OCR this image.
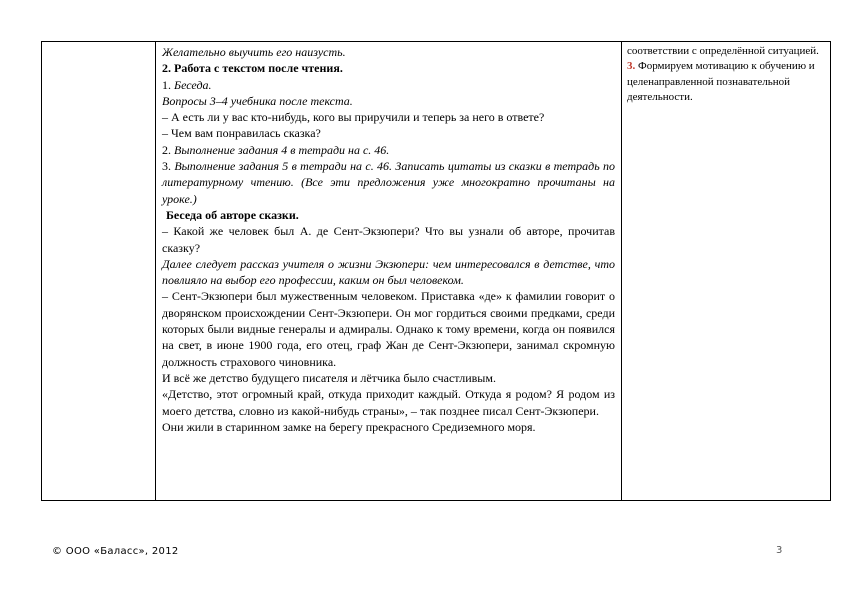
Желательно выучить его наизусть.

2. Работа с текстом после чтения.

1. Беседа.

Вопросы 3–4 учебника после текста.

– А есть ли у вас кто-нибудь, кого вы приручили и теперь за него в ответе?

– Чем вам понравилась сказка?

2. Выполнение задания 4 в тетради на с. 46.

3. Выполнение задания 5 в тетради на с. 46. Записать цитаты из сказки в тетрадь по литературному чтению. (Все эти предложения уже многократно прочитаны на уроке.)

Беседа об авторе сказки.

– Какой же человек был А. де Сент-Экзюпери? Что вы узнали об авторе, прочитав сказку?

Далее следует рассказ учителя о жизни Экзюпери: чем интересовался в детстве, что повлияло на выбор его профессии, каким он был человеком.

– Сент-Экзюпери был мужественным человеком. Приставка «де» к фамилии говорит о дворянском происхождении Сент-Экзюпери. Он мог гордиться своими предками, среди которых были видные генералы и адмиралы. Однако к тому времени, когда он появился на свет, в июне 1900 года, его отец, граф Жан де Сент-Экзюпери, занимал скромную должность страхового чиновника.

И всё же детство будущего писателя и лётчика было счастливым.

«Детство, этот огромный край, откуда приходит каждый. Откуда я родом? Я родом из моего детства, словно из какой-нибудь страны», – так позднее писал Сент-Экзюпери.

Они жили в старинном замке на берегу прекрасного Средиземного моря.

соответствии с определённой ситуацией.

3. Формируем мотивацию к обучению и целенаправленной познавательной деятельности.

© ООО «Баласс», 2012	3
